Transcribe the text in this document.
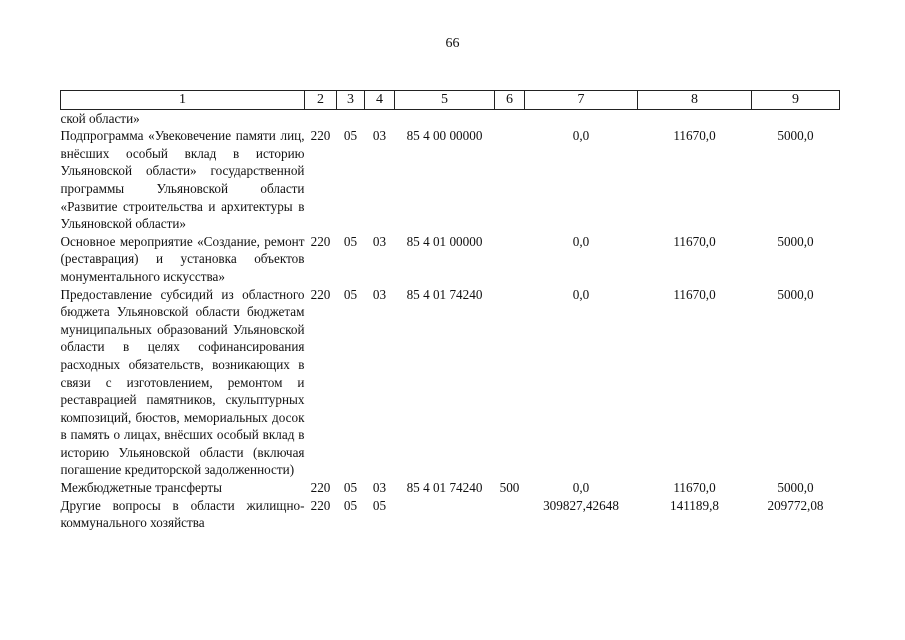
66
1	2	3	4	5	6	7	8	9
ской области»								
Подпрограмма «Увековечение памяти лиц, внёсших особый вклад в историю Ульяновской области» государственной программы Ульяновской области «Развитие строительства и архитектуры в Ульяновской области»	220	05	03	85 4 00 00000		0,0	11670,0	5000,0
Основное мероприятие «Создание, ремонт (реставрация) и установка объектов монументального искусства»	220	05	03	85 4 01 00000		0,0	11670,0	5000,0
Предоставление субсидий из областного бюджета Ульяновской области бюджетам муниципальных образований Ульяновской области в целях софинансирования расходных обязательств, возникающих в связи с изготовлением, ремонтом и реставрацией памятников, скульптурных композиций, бюстов, мемориальных досок в память о лицах, внёсших особый вклад в историю Ульяновской области (включая погашение кредиторской задолженности)	220	05	03	85 4 01 74240		0,0	11670,0	5000,0
Межбюджетные трансферты	220	05	03	85 4 01 74240	500	0,0	11670,0	5000,0
Другие вопросы в области жилищно-коммунального хозяйства	220	05	05			309827,42648	141189,8	209772,08
